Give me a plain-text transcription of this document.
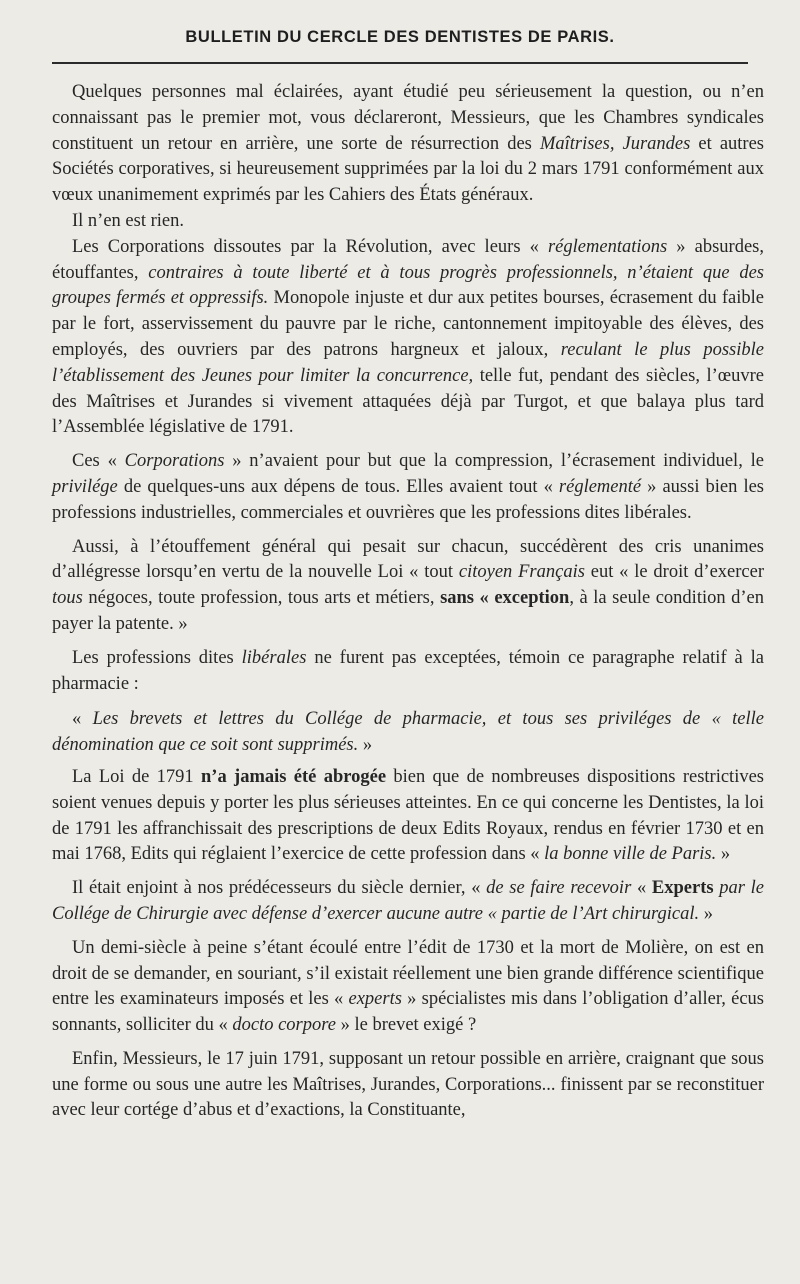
BULLETIN DU CERCLE DES DENTISTES DE PARIS.

Quelques personnes mal éclairées, ayant étudié peu sérieusement la question, ou n’en connaissant pas le premier mot, vous déclareront, Messieurs, que les Chambres syndicales constituent un retour en arrière, une sorte de résurrection des Maîtrises, Jurandes et autres Sociétés corporatives, si heureusement supprimées par la loi du 2 mars 1791 conformément aux vœux unanimement exprimés par les Cahiers des États généraux.

Il n’en est rien.

Les Corporations dissoutes par la Révolution, avec leurs « réglementations » absurdes, étouffantes, contraires à toute liberté et à tous progrès professionnels, n’étaient que des groupes fermés et oppressifs. Monopole injuste et dur aux petites bourses, écrasement du faible par le fort, asservissement du pauvre par le riche, cantonnement impitoyable des élèves, des employés, des ouvriers par des patrons hargneux et jaloux, reculant le plus possible l’établissement des Jeunes pour limiter la concurrence, telle fut, pendant des siècles, l’œuvre des Maîtrises et Jurandes si vivement attaquées déjà par Turgot, et que balaya plus tard l’Assemblée législative de 1791.

Ces « Corporations » n’avaient pour but que la compression, l’écrasement individuel, le privilége de quelques-uns aux dépens de tous. Elles avaient tout « réglementé » aussi bien les professions industrielles, commerciales et ouvrières que les professions dites libérales.

Aussi, à l’étouffement général qui pesait sur chacun, succédèrent des cris unanimes d’allégresse lorsqu’en vertu de la nouvelle Loi « tout citoyen Français eut « le droit d’exercer tous négoces, toute profession, tous arts et métiers, sans « exception, à la seule condition d’en payer la patente. »

Les professions dites libérales ne furent pas exceptées, témoin ce paragraphe relatif à la pharmacie :

« Les brevets et lettres du Collége de pharmacie, et tous ses priviléges de « telle dénomination que ce soit sont supprimés. »

La Loi de 1791 n’a jamais été abrogée bien que de nombreuses dispositions restrictives soient venues depuis y porter les plus sérieuses atteintes. En ce qui concerne les Dentistes, la loi de 1791 les affranchissait des prescriptions de deux Edits Royaux, rendus en février 1730 et en mai 1768, Edits qui réglaient l’exercice de cette profession dans « la bonne ville de Paris. »

Il était enjoint à nos prédécesseurs du siècle dernier, « de se faire recevoir « Experts par le Collége de Chirurgie avec défense d’exercer aucune autre « partie de l’Art chirurgical. »

Un demi-siècle à peine s’étant écoulé entre l’édit de 1730 et la mort de Molière, on est en droit de se demander, en souriant, s’il existait réellement une bien grande différence scientifique entre les examinateurs imposés et les « experts » spécialistes mis dans l’obligation d’aller, écus sonnants, solliciter du « docto corpore » le brevet exigé ?

Enfin, Messieurs, le 17 juin 1791, supposant un retour possible en arrière, craignant que sous une forme ou sous une autre les Maîtrises, Jurandes, Corporations... finissent par se reconstituer avec leur cortége d’abus et d’exactions, la Constituante,
